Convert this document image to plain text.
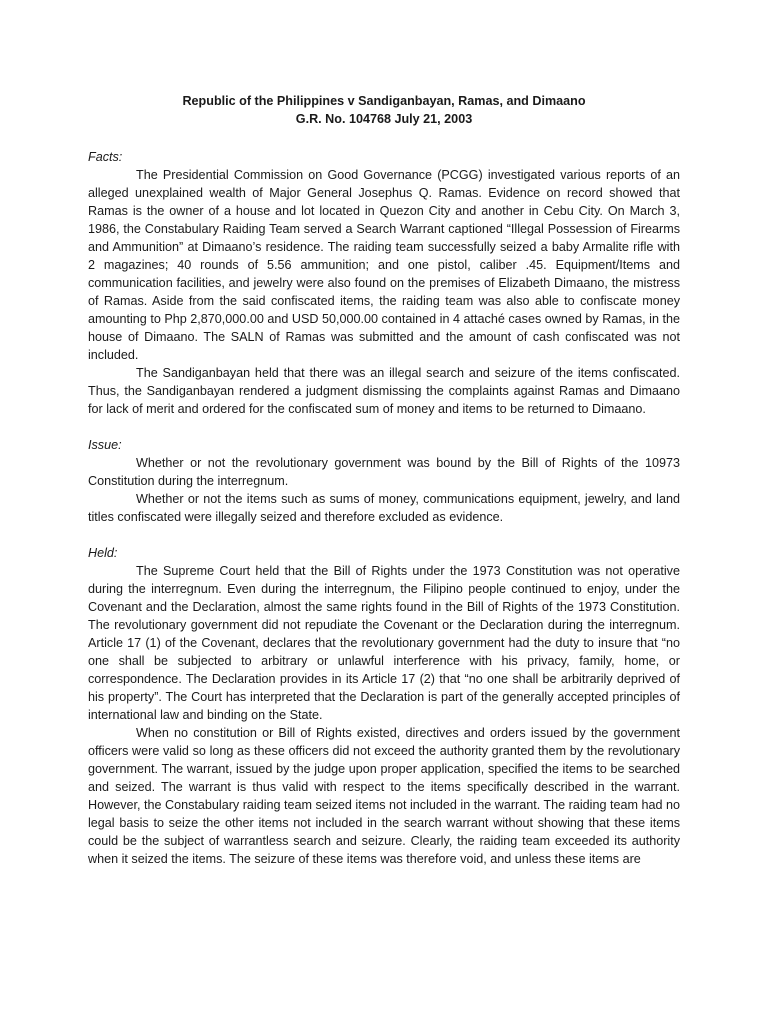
Republic of the Philippines v Sandiganbayan, Ramas, and Dimaano
G.R. No. 104768 July 21, 2003

Facts:

The Presidential Commission on Good Governance (PCGG) investigated various reports of an alleged unexplained wealth of Major General Josephus Q. Ramas. Evidence on record showed that Ramas is the owner of a house and lot located in Quezon City and another in Cebu City. On March 3, 1986, the Constabulary Raiding Team served a Search Warrant captioned “Illegal Possession of Firearms and Ammunition” at Dimaano’s residence. The raiding team successfully seized a baby Armalite rifle with 2 magazines; 40 rounds of 5.56 ammunition; and one pistol, caliber .45. Equipment/Items and communication facilities, and jewelry were also found on the premises of Elizabeth Dimaano, the mistress of Ramas. Aside from the said confiscated items, the raiding team was also able to confiscate money amounting to Php 2,870,000.00 and USD 50,000.00 contained in 4 attaché cases owned by Ramas, in the house of Dimaano. The SALN of Ramas was submitted and the amount of cash confiscated was not included.

The Sandiganbayan held that there was an illegal search and seizure of the items confiscated. Thus, the Sandiganbayan rendered a judgment dismissing the complaints against Ramas and Dimaano for lack of merit and ordered for the confiscated sum of money and items to be returned to Dimaano.

Issue:

Whether or not the revolutionary government was bound by the Bill of Rights of the 10973 Constitution during the interregnum.

Whether or not the items such as sums of money, communications equipment, jewelry, and land titles confiscated were illegally seized and therefore excluded as evidence.

Held:

The Supreme Court held that the Bill of Rights under the 1973 Constitution was not operative during the interregnum. Even during the interregnum, the Filipino people continued to enjoy, under the Covenant and the Declaration, almost the same rights found in the Bill of Rights of the 1973 Constitution. The revolutionary government did not repudiate the Covenant or the Declaration during the interregnum. Article 17 (1) of the Covenant, declares that the revolutionary government had the duty to insure that “no one shall be subjected to arbitrary or unlawful interference with his privacy, family, home, or correspondence. The Declaration provides in its Article 17 (2) that “no one shall be arbitrarily deprived of his property”. The Court has interpreted that the Declaration is part of the generally accepted principles of international law and binding on the State.

When no constitution or Bill of Rights existed, directives and orders issued by the government officers were valid so long as these officers did not exceed the authority granted them by the revolutionary government. The warrant, issued by the judge upon proper application, specified the items to be searched and seized. The warrant is thus valid with respect to the items specifically described in the warrant. However, the Constabulary raiding team seized items not included in the warrant. The raiding team had no legal basis to seize the other items not included in the search warrant without showing that these items could be the subject of warrantless search and seizure. Clearly, the raiding team exceeded its authority when it seized the items. The seizure of these items was therefore void, and unless these items are
